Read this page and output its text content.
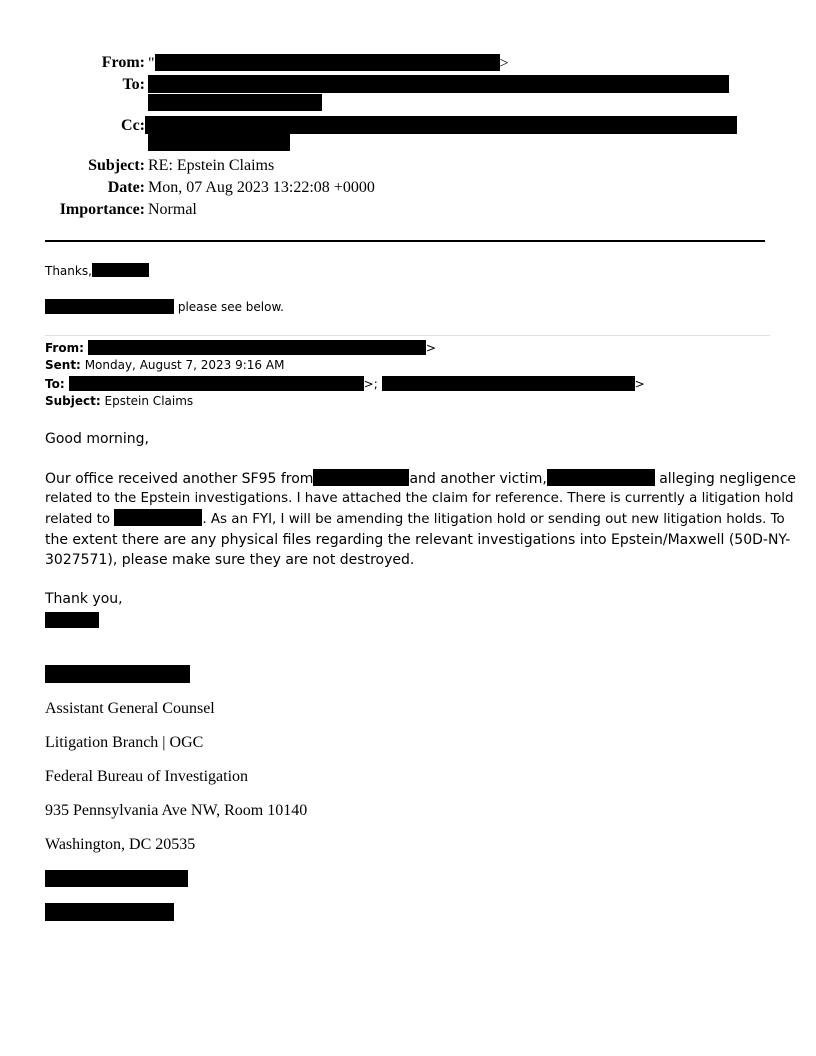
From: "	>
To:
Cc:
Subject: RE: Epstein Claims
Date: Mon, 07 Aug 2023 13:22:08 +0000
Importance: Normal
Thanks,
please see below.
From:	>
Sent: Monday, August 7, 2023 9:16 AM
To:	>;	>
Subject: Epstein Claims
Good morning,
Our office received another SF95 from	and another victim,	alleging negligence
related to the Epstein investigations. I have attached the claim for reference. There is currently a litigation hold
related to	. As an FYI, I will be amending the litigation hold or sending out new litigation holds. To
the extent there are any physical files regarding the relevant investigations into Epstein/Maxwell (50D-NY-
3027571), please make sure they are not destroyed.
Thank you,
Assistant General Counsel
Litigation Branch | OGC
Federal Bureau of Investigation
935 Pennsylvania Ave NW, Room 10140
Washington, DC 20535
